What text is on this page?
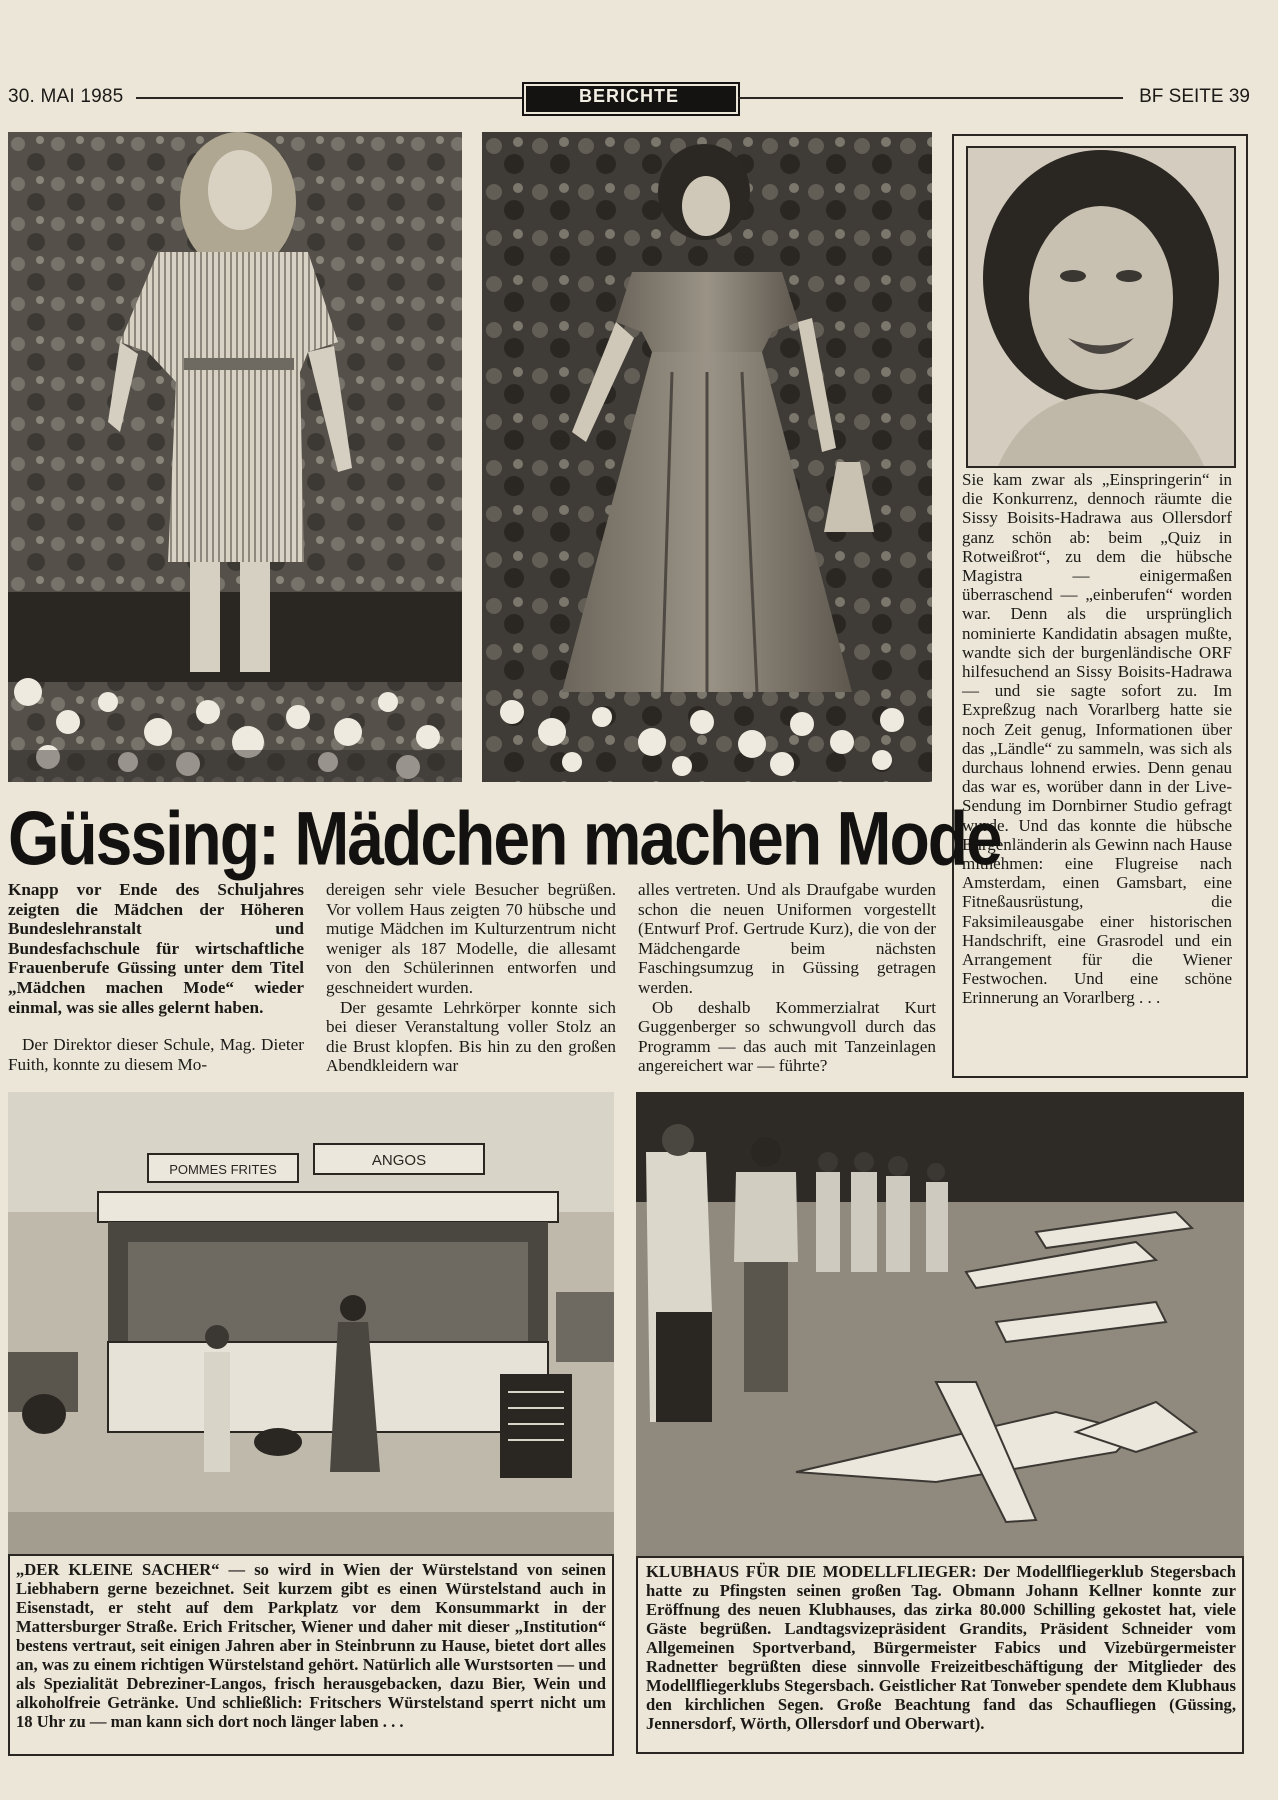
30. MAI 1985	BERICHTE	BF SEITE 39

Sie kam zwar als „Einspringerin“ in die Konkurrenz, dennoch räumte die Sissy Boisits-Hadrawa aus Ollersdorf ganz schön ab: beim „Quiz in Rotweißrot“, zu dem die hübsche Magistra — einigermaßen überraschend — „einberufen“ worden war. Denn als die ursprünglich nominierte Kandidatin absagen mußte, wandte sich der burgenländische ORF hilfesuchend an Sissy Boisits-Hadrawa — und sie sagte sofort zu. Im Expreßzug nach Vorarlberg hatte sie noch Zeit genug, Informationen über das „Ländle“ zu sammeln, was sich als durchaus lohnend erwies. Denn genau das war es, worüber dann in der Live-Sendung im Dornbirner Studio gefragt wurde. Und das konnte die hübsche Burgenländerin als Gewinn nach Hause mitnehmen: eine Flugreise nach Amsterdam, einen Gamsbart, eine Fitneßausrüstung, die Faksimileausgabe einer historischen Handschrift, eine Grasrodel und ein Arrangement für die Wiener Festwochen. Und eine schöne Erinnerung an Vorarlberg . . .

Güssing: Mädchen machen Mode

Knapp vor Ende des Schuljahres zeigten die Mädchen der Höheren Bundeslehranstalt und Bundesfachschule für wirtschaftliche Frauenberufe Güssing unter dem Titel „Mädchen machen Mode“ wieder einmal, was sie alles gelernt haben.

Der Direktor dieser Schule, Mag. Dieter Fuith, konnte zu diesem Mo-

dereigen sehr viele Besucher begrüßen. Vor vollem Haus zeigten 70 hübsche und mutige Mädchen im Kulturzentrum nicht weniger als 187 Modelle, die allesamt von den Schülerinnen entworfen und geschneidert wurden.

Der gesamte Lehrkörper konnte sich bei dieser Veranstaltung voller Stolz an die Brust klopfen. Bis hin zu den großen Abendkleidern war

alles vertreten. Und als Draufgabe wurden schon die neuen Uniformen vorgestellt (Entwurf Prof. Gertrude Kurz), die von der Mädchengarde beim nächsten Faschingsumzug in Güssing getragen werden.

Ob deshalb Kommerzialrat Kurt Guggenberger so schwungvoll durch das Programm — das auch mit Tanzeinlagen angereichert war — führte?

POMMES FRITES
ANGOS
„DER KLEINE SACHER“ — so wird in Wien der Würstelstand von seinen Liebhabern gerne bezeichnet. Seit kurzem gibt es einen Würstelstand auch in Eisenstadt, er steht auf dem Parkplatz vor dem Konsummarkt in der Mattersburger Straße. Erich Fritscher, Wiener und daher mit dieser „Institution“ bestens vertraut, seit einigen Jahren aber in Steinbrunn zu Hause, bietet dort alles an, was zu einem richtigen Würstelstand gehört. Natürlich alle Wurstsorten — und als Spezialität Debreziner-Langos, frisch herausgebacken, dazu Bier, Wein und alkoholfreie Getränke. Und schließlich: Fritschers Würstelstand sperrt nicht um 18 Uhr zu — man kann sich dort noch länger laben . . .
KLUBHAUS FÜR DIE MODELLFLIEGER: Der Modellfliegerklub Stegersbach hatte zu Pfingsten seinen großen Tag. Obmann Johann Kellner konnte zur Eröffnung des neuen Klubhauses, das zirka 80.000 Schilling gekostet hat, viele Gäste begrüßen. Landtagsvizepräsident Grandits, Präsident Schneider vom Allgemeinen Sportverband, Bürgermeister Fabics und Vizebürgermeister Radnetter begrüßten diese sinnvolle Freizeitbeschäftigung der Mitglieder des Modellfliegerklubs Stegersbach. Geistlicher Rat Tonweber spendete dem Klubhaus den kirchlichen Segen. Große Beachtung fand das Schaufliegen (Güssing, Jennersdorf, Wörth, Ollersdorf und Oberwart).
